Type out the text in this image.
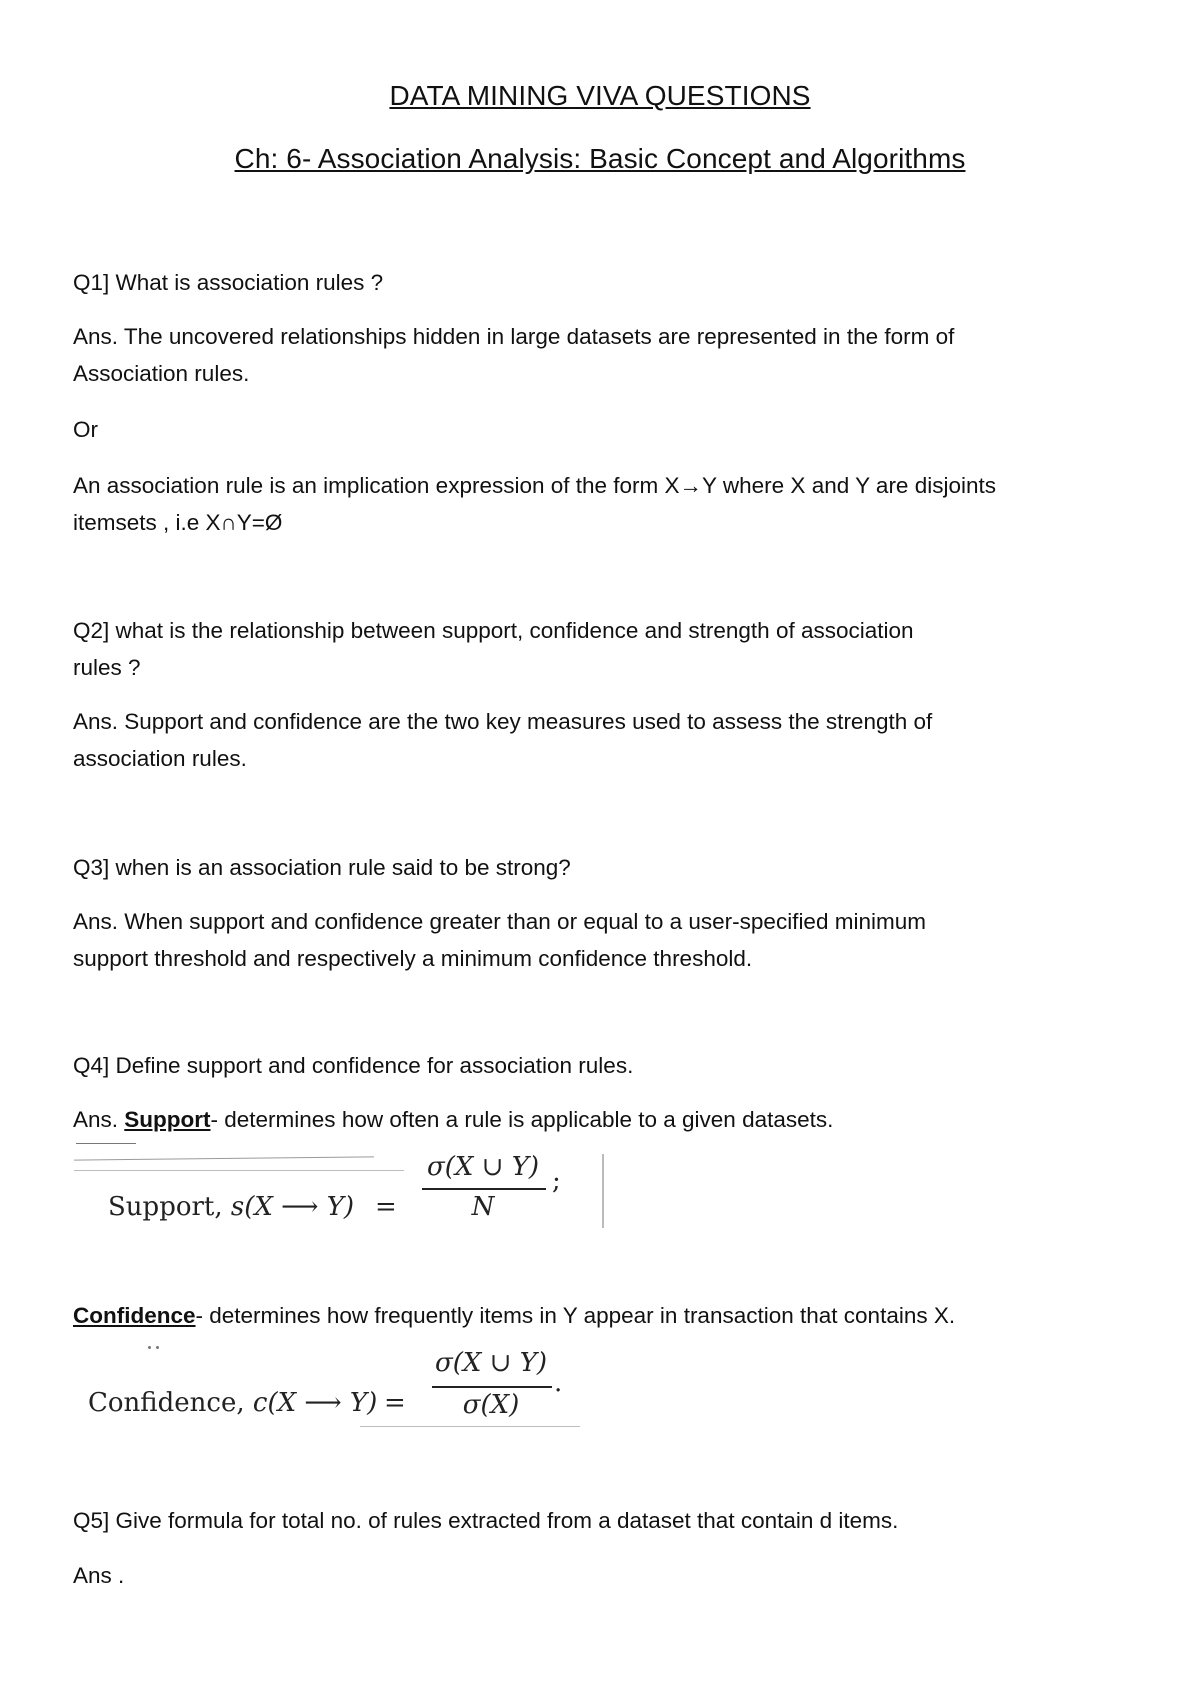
DATA MINING VIVA QUESTIONS
Ch: 6- Association Analysis: Basic Concept and Algorithms
Q1] What is association rules ?
Ans. The uncovered relationships hidden in large datasets are represented in the form of
Association rules.
Or
An association rule is an implication expression of the form X→Y where X and Y are disjoints
itemsets , i.e X∩Y=Ø
Q2] what is the relationship between support, confidence and strength of association
rules ?
Ans. Support and confidence are the two key measures used to assess the strength of
association rules.
Q3] when is an association rule said to be strong?
Ans. When support and confidence greater than or equal to a user-specified minimum
support threshold and respectively a minimum confidence threshold.
Q4] Define support and confidence for association rules.
Ans. Support- determines how often a rule is applicable to a given datasets.
Support, s(X ⟶ Y) =
σ(X ∪ Y)
N
;
Confidence- determines how frequently items in Y appear in transaction that contains X.
Confidence, c(X ⟶ Y) =
σ(X ∪ Y)
σ(X)
.
Q5] Give formula for total no. of rules extracted from a dataset that contain d items.
Ans .
